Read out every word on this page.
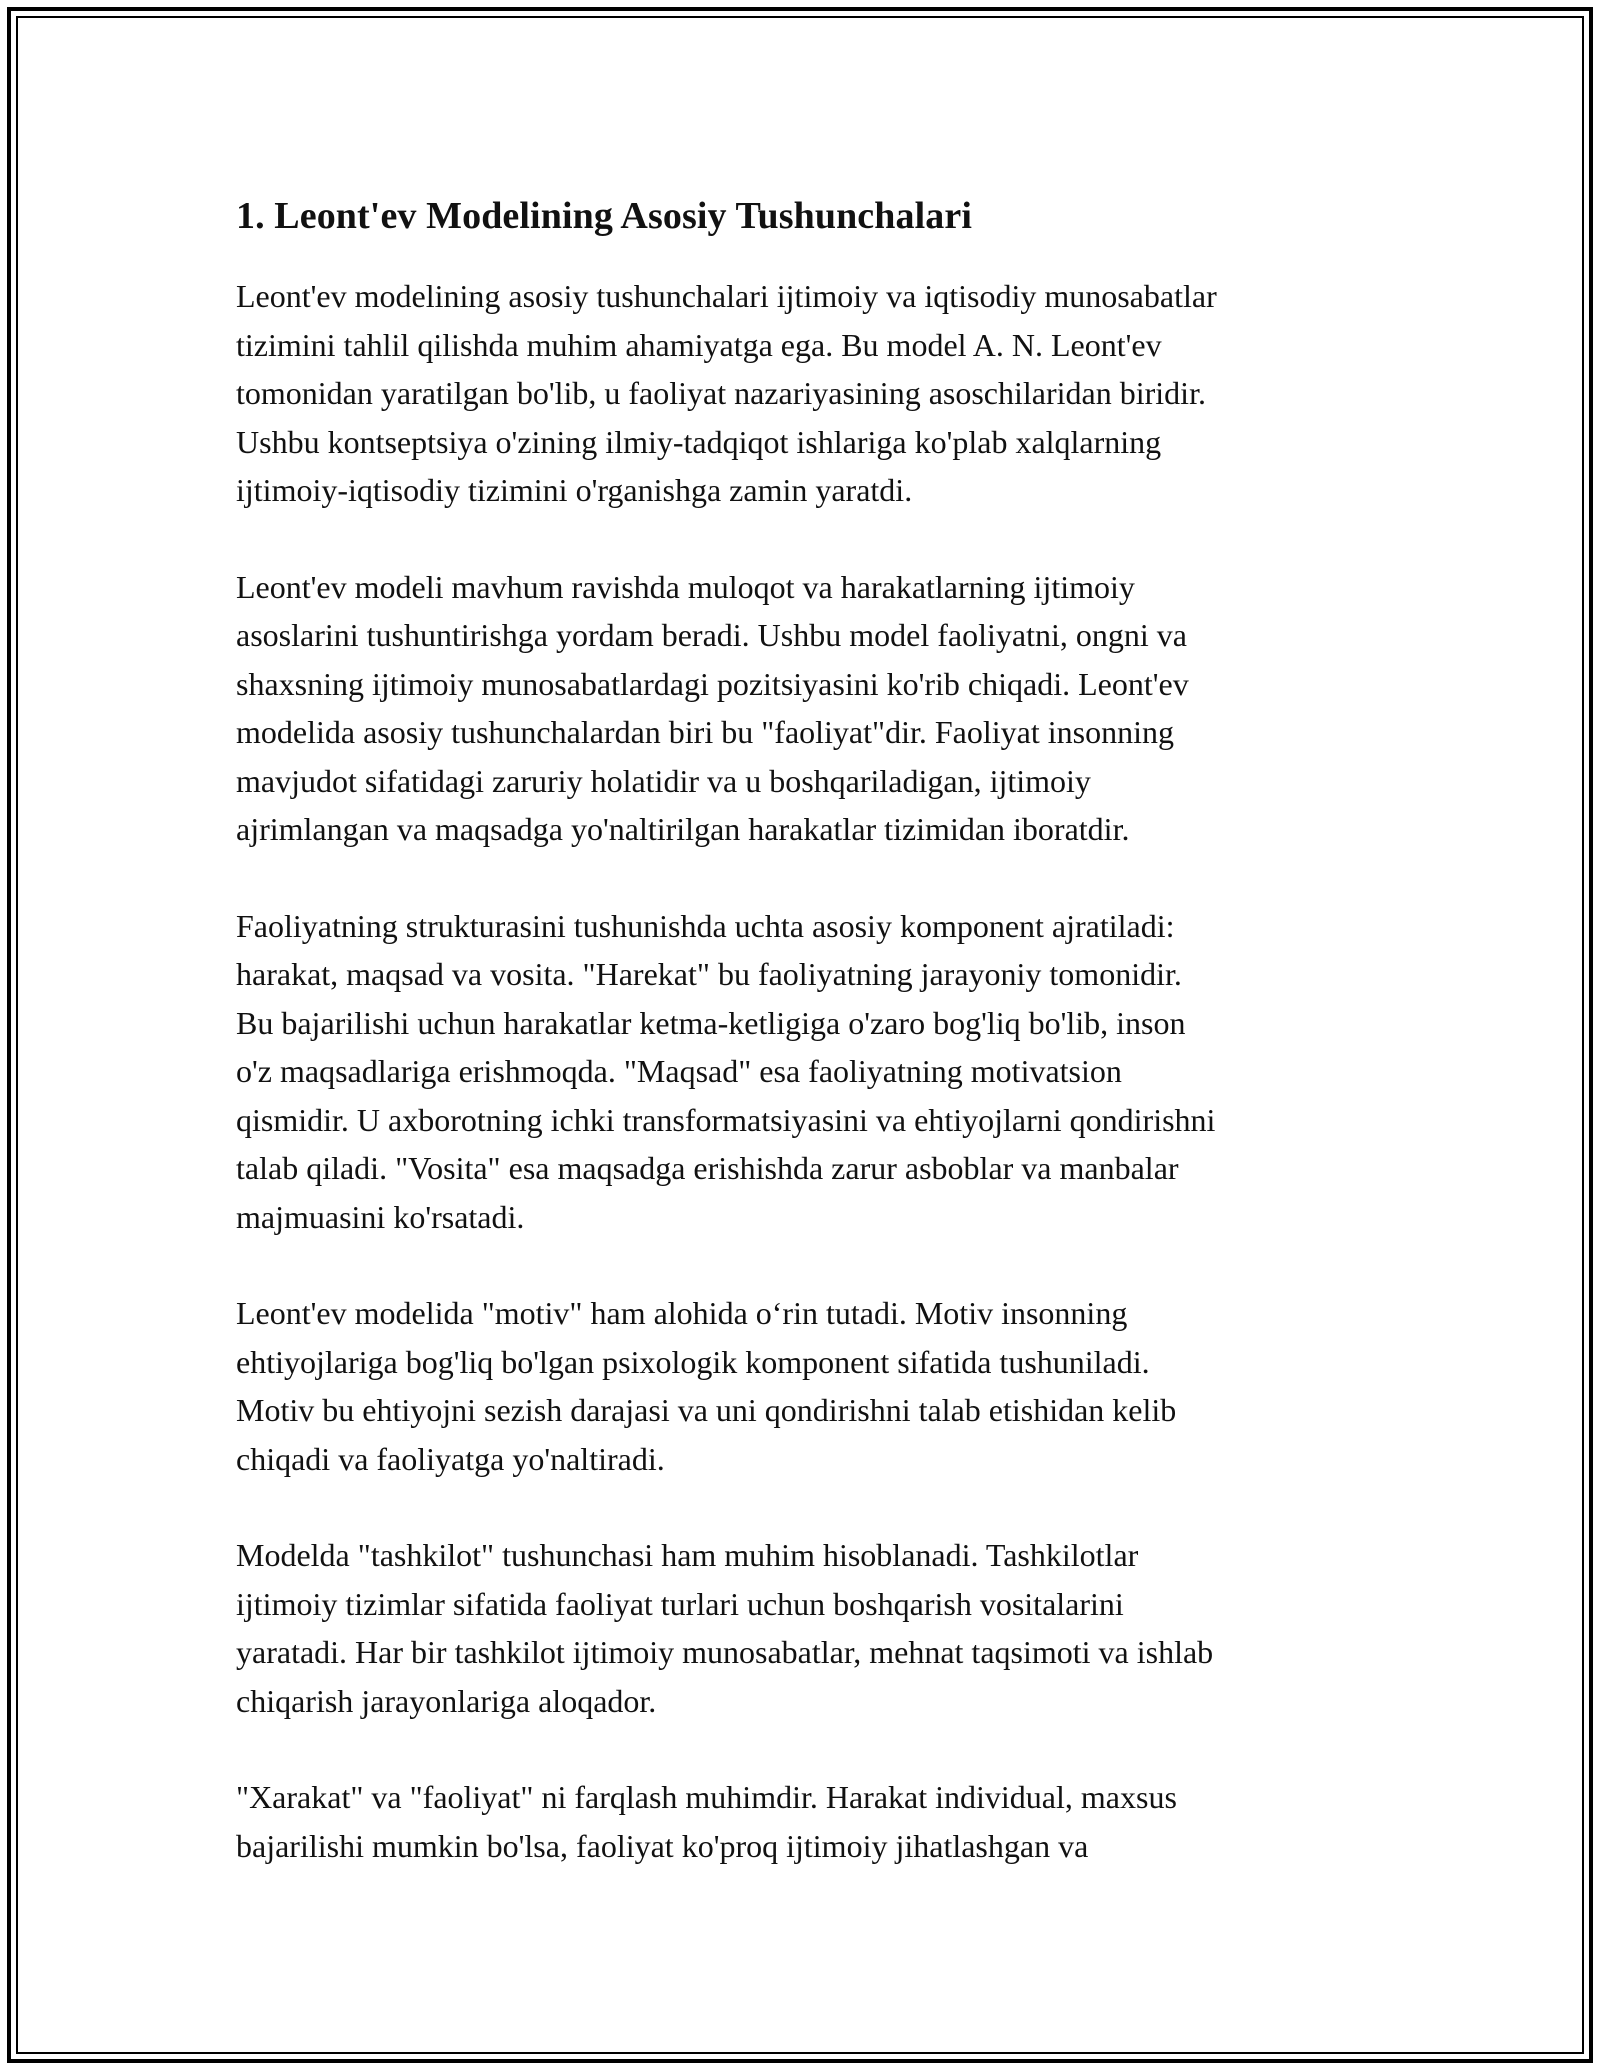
1. Leont'ev Modelining Asosiy Tushunchalari

Leont'ev modelining asosiy tushunchalari ijtimoiy va iqtisodiy munosabatlar
tizimini tahlil qilishda muhim ahamiyatga ega. Bu model A. N. Leont'ev
tomonidan yaratilgan bo'lib, u faoliyat nazariyasining asoschilaridan biridir.
Ushbu kontseptsiya o'zining ilmiy-tadqiqot ishlariga ko'plab xalqlarning
ijtimoiy-iqtisodiy tizimini o'rganishga zamin yaratdi.

Leont'ev modeli mavhum ravishda muloqot va harakatlarning ijtimoiy
asoslarini tushuntirishga yordam beradi. Ushbu model faoliyatni, ongni va
shaxsning ijtimoiy munosabatlardagi pozitsiyasini ko'rib chiqadi. Leont'ev
modelida asosiy tushunchalardan biri bu "faoliyat"dir. Faoliyat insonning
mavjudot sifatidagi zaruriy holatidir va u boshqariladigan, ijtimoiy
ajrimlangan va maqsadga yo'naltirilgan harakatlar tizimidan iboratdir.

Faoliyatning strukturasini tushunishda uchta asosiy komponent ajratiladi:
harakat, maqsad va vosita. "Harekat" bu faoliyatning jarayoniy tomonidir.
Bu bajarilishi uchun harakatlar ketma-ketligiga o'zaro bog'liq bo'lib, inson
o'z maqsadlariga erishmoqda. "Maqsad" esa faoliyatning motivatsion
qismidir. U axborotning ichki transformatsiyasini va ehtiyojlarni qondirishni
talab qiladi. "Vosita" esa maqsadga erishishda zarur asboblar va manbalar
majmuasini ko'rsatadi.

Leont'ev modelida "motiv" ham alohida o‘rin tutadi. Motiv insonning
ehtiyojlariga bog'liq bo'lgan psixologik komponent sifatida tushuniladi.
Motiv bu ehtiyojni sezish darajasi va uni qondirishni talab etishidan kelib
chiqadi va faoliyatga yo'naltiradi.

Modelda "tashkilot" tushunchasi ham muhim hisoblanadi. Tashkilotlar
ijtimoiy tizimlar sifatida faoliyat turlari uchun boshqarish vositalarini
yaratadi. Har bir tashkilot ijtimoiy munosabatlar, mehnat taqsimoti va ishlab
chiqarish jarayonlariga aloqador.

"Xarakat" va "faoliyat" ni farqlash muhimdir. Harakat individual, maxsus
bajarilishi mumkin bo'lsa, faoliyat ko'proq ijtimoiy jihatlashgan va
